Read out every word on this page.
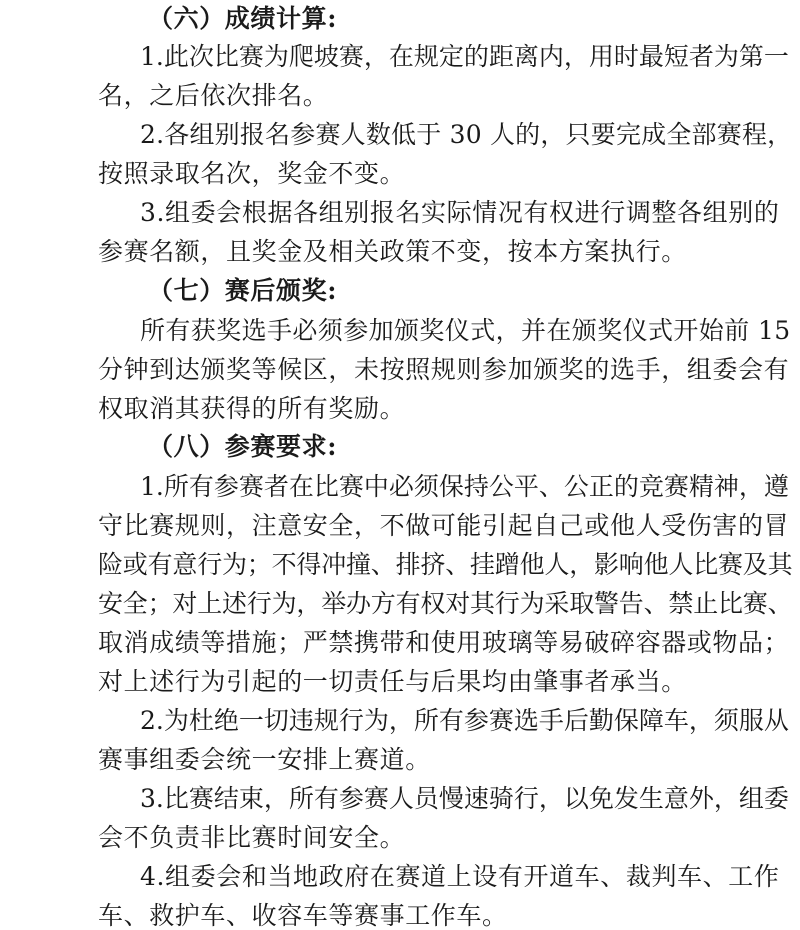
（六）成绩计算:
1.此次比赛为爬坡赛，在规定的距离内，用时最短者为第一
名，之后依次排名。
2.各组别报名参赛人数低于 30 人的，只要完成全部赛程，
按照录取名次，奖金不变。
3.组委会根据各组别报名实际情况有权进行调整各组别的
参赛名额，且奖金及相关政策不变，按本方案执行。
（七）赛后颁奖:
所有获奖选手必须参加颁奖仪式，并在颁奖仪式开始前 15
分钟到达颁奖等候区，未按照规则参加颁奖的选手，组委会有
权取消其获得的所有奖励。
（八）参赛要求:
1.所有参赛者在比赛中必须保持公平、公正的竞赛精神，遵
守比赛规则，注意安全，不做可能引起自己或他人受伤害的冒
险或有意行为；不得冲撞、排挤、挂蹭他人，影响他人比赛及其
安全；对上述行为，举办方有权对其行为采取警告、禁止比赛、
取消成绩等措施；严禁携带和使用玻璃等易破碎容器或物品；
对上述行为引起的一切责任与后果均由肇事者承当。
2.为杜绝一切违规行为，所有参赛选手后勤保障车，须服从
赛事组委会统一安排上赛道。
3.比赛结束，所有参赛人员慢速骑行，以免发生意外，组委
会不负责非比赛时间安全。
4.组委会和当地政府在赛道上设有开道车、裁判车、工作
车、救护车、收容车等赛事工作车。
